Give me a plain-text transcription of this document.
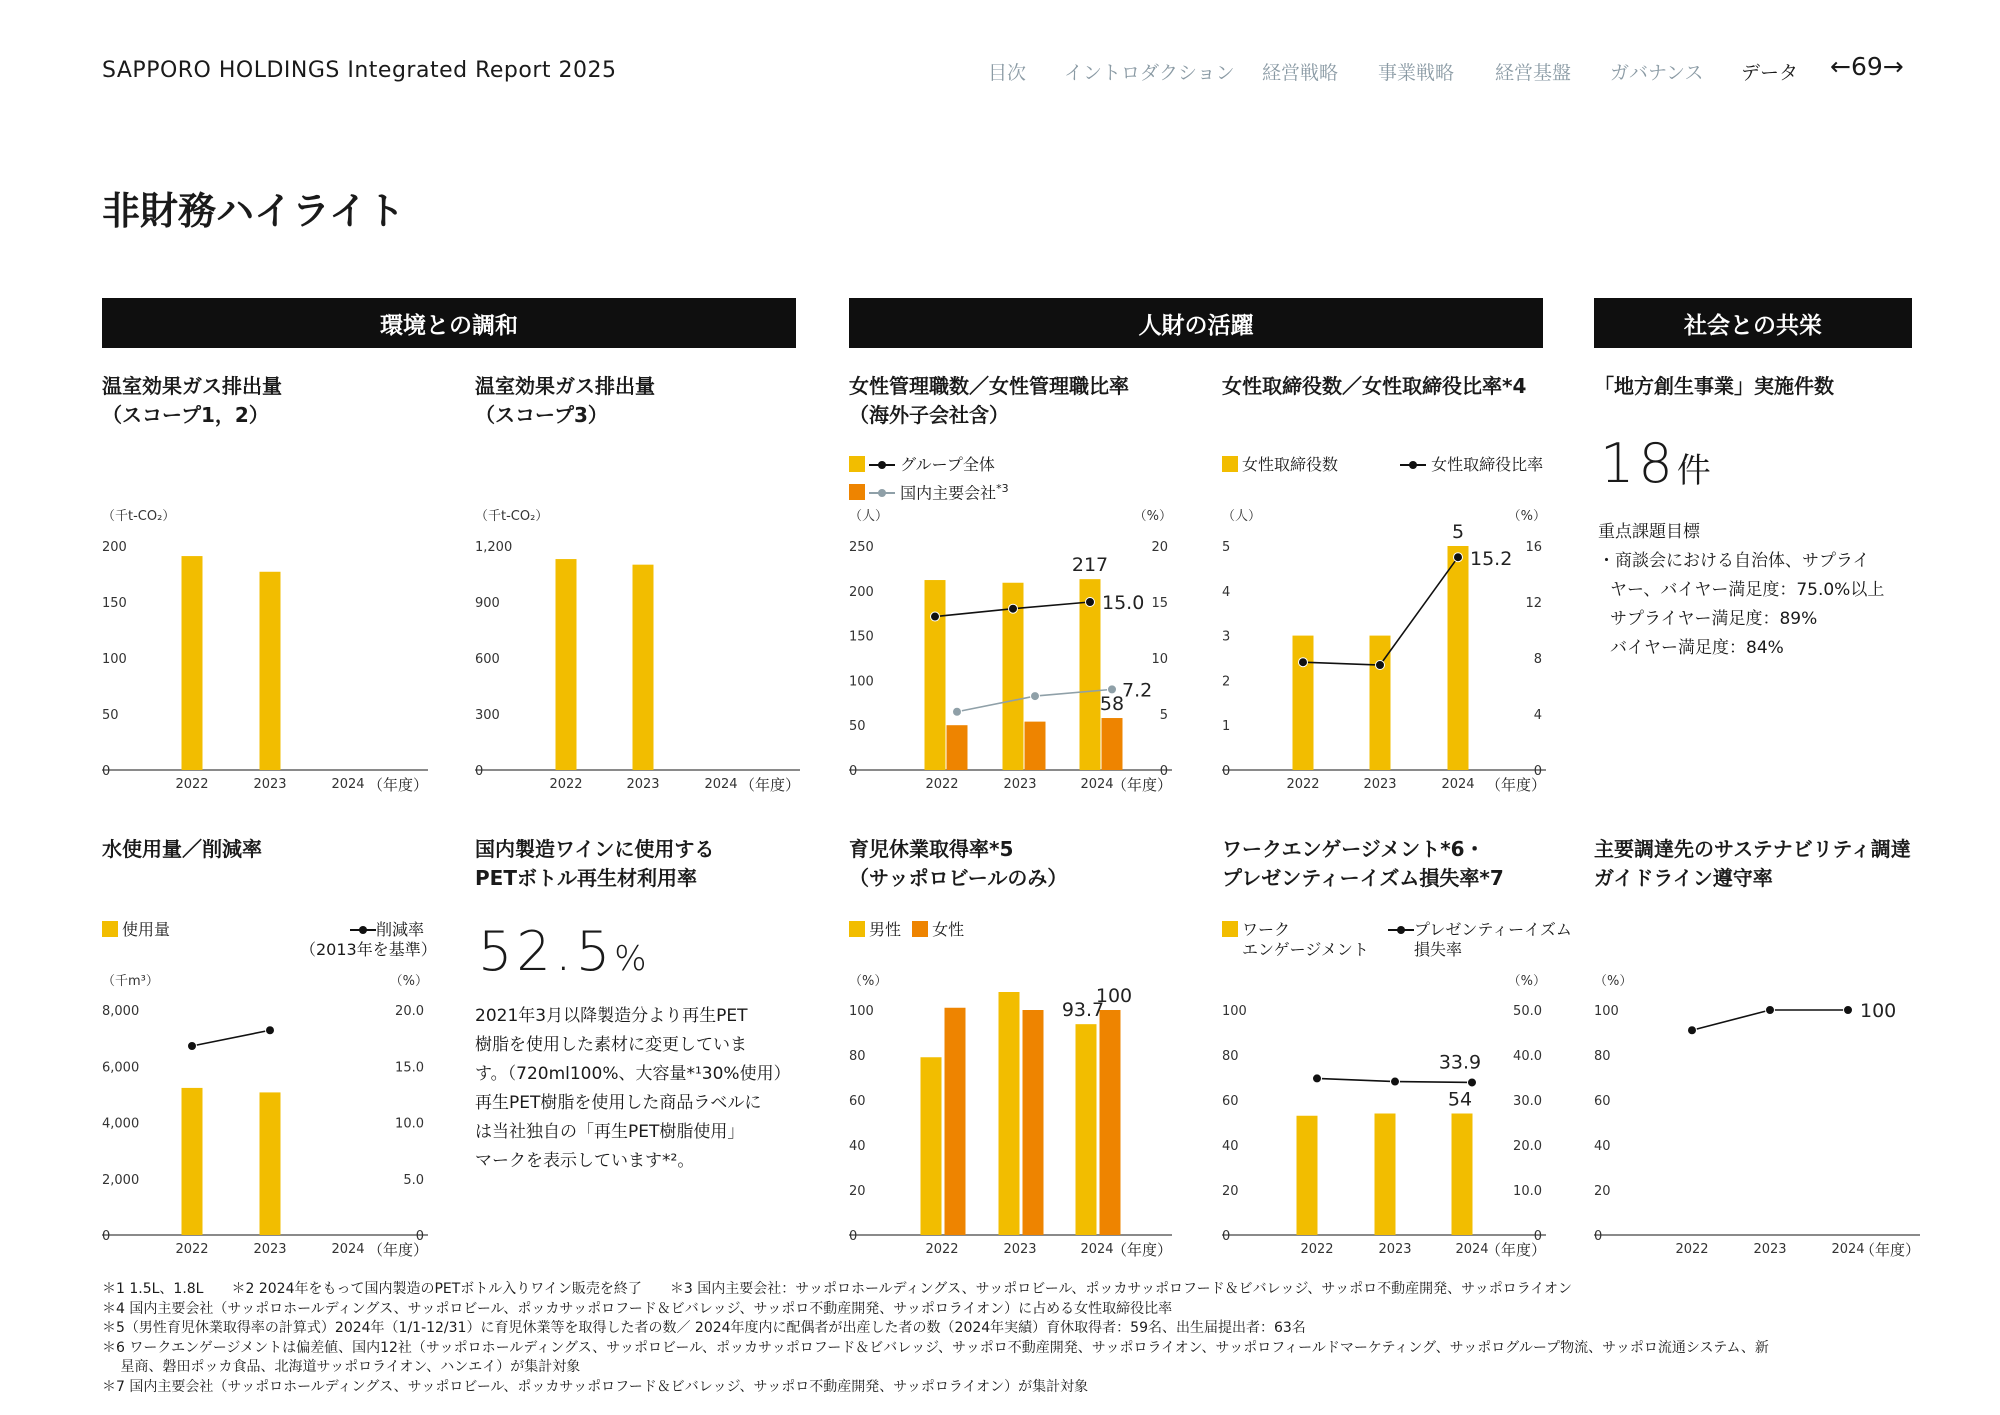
SAPPORO HOLDINGS Integrated Report 2025	目次 イントロダクション 経営戦略 事業戦略 経営基盤 ガバナンス データ ←69→
非財務ハイライト
環境との調和	人財の活躍	社会との共栄
温室効果ガス排出量
（スコープ1，2）
温室効果ガス排出量
（スコープ3）
女性管理職数／女性管理職比率
（海外子会社含）
女性取締役数／女性取締役比率*4	「地方創生事業」実施件数
グループ全体
国内主要会社$^{*3}$
女性取締役数	女性取締役比率 18件
重点課題目標
・商談会における自治体、サプライ
ヤー、バイヤー満足度：75.0%以上
サプライヤー満足度：89%
バイヤー満足度：84%
水使用量／削減率	国内製造ワインに使用する
PETボトル再生材利用率
育児休業取得率*5
（サッポロビールのみ）
ワークエンゲージメント*6・
プレゼンティーイズム損失率*7
主要調達先のサステナビリティ調達
ガイドライン遵守率
使用量	削減率
（2013年を基準）
男性 女性	ワーク
エンゲージメント
プレゼンティーイズム
損失率
52.5%
2021年3月以降製造分より再生PET
樹脂を使用した素材に変更していま
す。（720ml100%、大容量*¹30%使用）
再生PET樹脂を使用した商品ラベルに
は当社独自の「再生PET樹脂使用」
マークを表示しています*²。
0
50
100
150
200
（千t-CO₂）
2022	2023	2024 （年度）
0
300
600
900
1,200
（千t-CO₂）
2022	2023	2024 （年度）
0
50
100
150
200
250
0
5
10
15
20
（人）	（%）
2022	2023	2024
（年度）
217
58
15.0
7.2
0
1
2
3
4
5
0
4
8
12
16
（人）	（%）
2022	2023	2024 （年度）
5
15.2
0
2,000
4,000
6,000
8,000
0
5.0
10.0
15.0
20.0
（千m³）	（%）
2022	2023	2024 （年度）
0
20
40
60
80
100
（%）
2022	2023	2024
（年度）
93.7
100
0
20
40
60
80
100
0
10.0
20.0
30.0
40.0
50.0
（%）
2022	2023	2024
（年度）
54
33.9
0
20
40
60
80
100
（%）
2022	2023	2024
（年度）
100
＊1 1.5L、1.8L　　＊2 2024年をもって国内製造のPETボトル入りワイン販売を終了　　＊3 国内主要会社：サッポロホールディングス、サッポロビール、ポッカサッポロフード＆ビバレッジ、サッポロ不動産開発、サッポロライオン
＊4 国内主要会社（サッポロホールディングス、サッポロビール、ポッカサッポロフード＆ビバレッジ、サッポロ不動産開発、サッポロライオン）に占める女性取締役比率
＊5（男性育児休業取得率の計算式）2024年（1/1-12/31）に育児休業等を取得した者の数／ 2024年度内に配偶者が出産した者の数（2024年実績）育休取得者：59名、出生届提出者：63名
＊6 ワークエンゲージメントは偏差値、国内12社（サッポロホールディングス、サッポロビール、ポッカサッポロフード＆ビバレッジ、サッポロ不動産開発、サッポロライオン、サッポロフィールドマーケティング、サッポログループ物流、サッポロ流通システム、新
　 星商、磐田ポッカ食品、北海道サッポロライオン、ハンエイ）が集計対象
＊7 国内主要会社（サッポロホールディングス、サッポロビール、ポッカサッポロフード＆ビバレッジ、サッポロ不動産開発、サッポロライオン）が集計対象
